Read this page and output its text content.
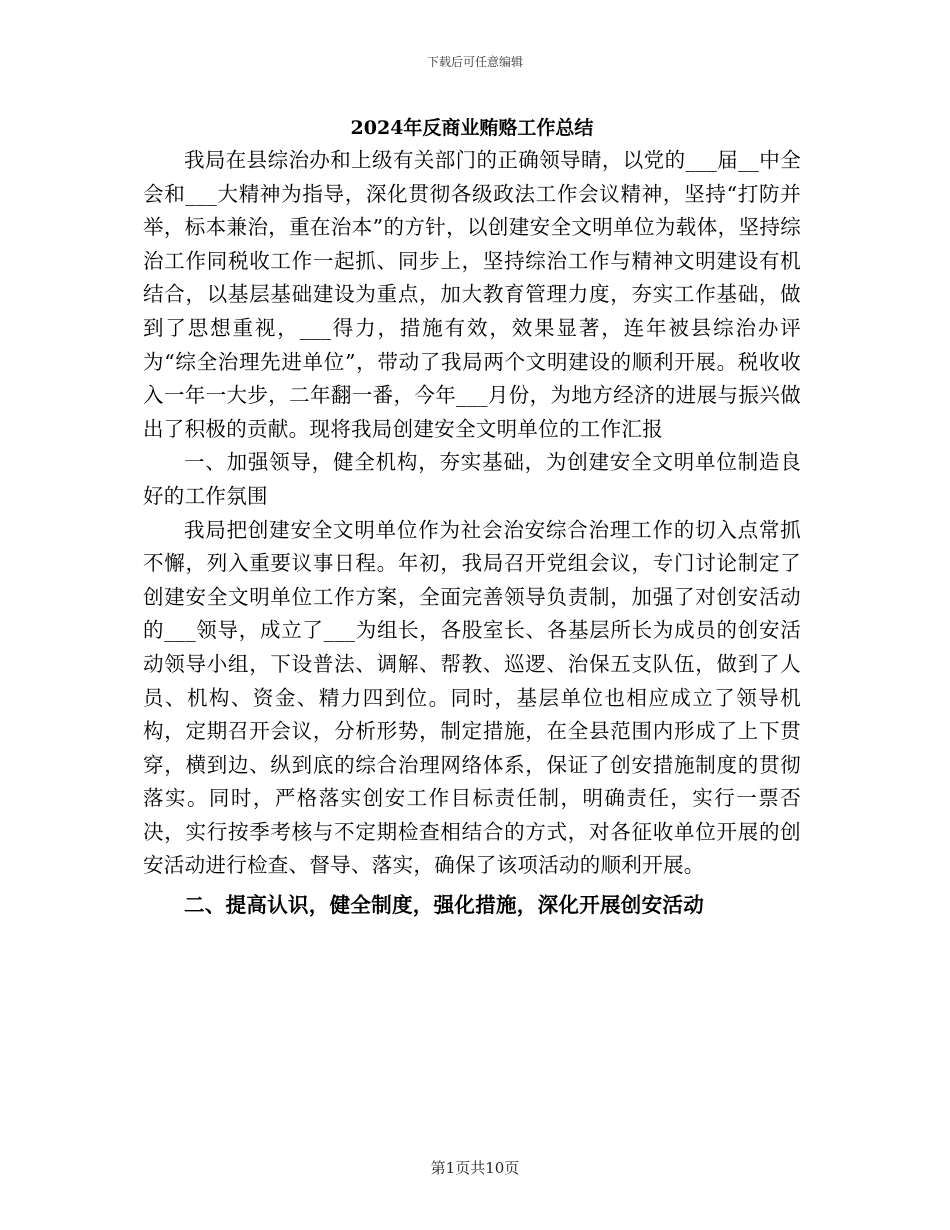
下载后可任意编辑
2024年反商业贿赂工作总结

我局在县综治办和上级有关部门的正确领导睛，以党的___届__中全会和___大精神为指导，深化贯彻各级政法工作会议精神，坚持“打防并举，标本兼治，重在治本”的方针，以创建安全文明单位为载体，坚持综治工作同税收工作一起抓、同步上，坚持综治工作与精神文明建设有机结合，以基层基础建设为重点，加大教育管理力度，夯实工作基础，做到了思想重视，___得力，措施有效，效果显著，连年被县综治办评为“综全治理先进单位”，带动了我局两个文明建设的顺利开展。税收收入一年一大步，二年翻一番，今年___月份，为地方经济的进展与振兴做出了积极的贡献。现将我局创建安全文明单位的工作汇报

一、加强领导，健全机构，夯实基础，为创建安全文明单位制造良好的工作氛围

我局把创建安全文明单位作为社会治安综合治理工作的切入点常抓不懈，列入重要议事日程。年初，我局召开党组会议，专门讨论制定了创建安全文明单位工作方案，全面完善领导负责制，加强了对创安活动的___领导，成立了___为组长，各股室长、各基层所长为成员的创安活动领导小组，下设普法、调解、帮教、巡逻、治保五支队伍，做到了人员、机构、资金、精力四到位。同时，基层单位也相应成立了领导机构，定期召开会议，分析形势，制定措施，在全县范围内形成了上下贯穿，横到边、纵到底的综合治理网络体系，保证了创安措施制度的贯彻落实。同时，严格落实创安工作目标责任制，明确责任，实行一票否决，实行按季考核与不定期检查相结合的方式，对各征收单位开展的创安活动进行检查、督导、落实，确保了该项活动的顺利开展。

二、提高认识，健全制度，强化措施，深化开展创安活动

第1页共10页
